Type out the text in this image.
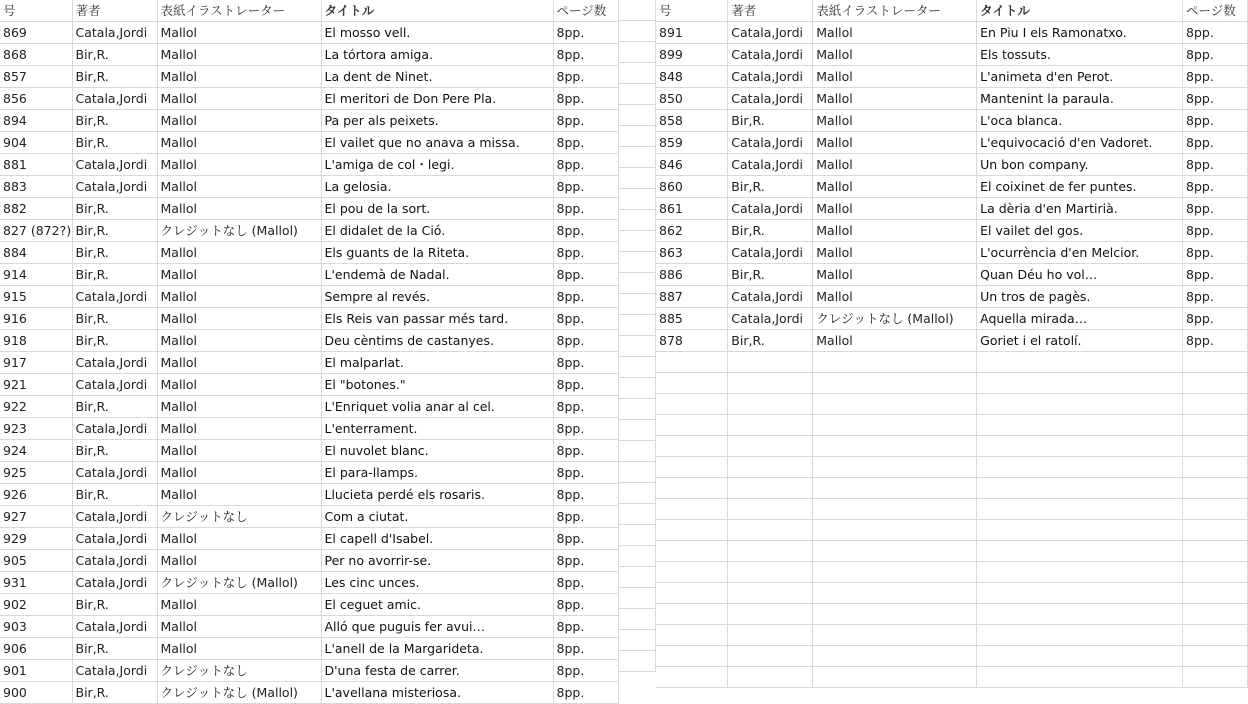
号	著者	表紙イラストレーター	タイトル	ページ数
869	Catala,Jordi	Mallol	El mosso vell.	8pp.
868	Bir,R.	Mallol	La tórtora amiga.	8pp.
857	Bir,R.	Mallol	La dent de Ninet.	8pp.
856	Catala,Jordi	Mallol	El meritori de Don Pere Pla.	8pp.
894	Bir,R.	Mallol	Pa per als peixets.	8pp.
904	Bir,R.	Mallol	El vailet que no anava a missa.	8pp.
881	Catala,Jordi	Mallol	L'amiga de col・legi.	8pp.
883	Catala,Jordi	Mallol	La gelosia.	8pp.
882	Bir,R.	Mallol	El pou de la sort.	8pp.
827 (872?)	Bir,R.	クレジットなし (Mallol)	El didalet de la Ció.	8pp.
884	Bir,R.	Mallol	Els guants de la Riteta.	8pp.
914	Bir,R.	Mallol	L'endemà de Nadal.	8pp.
915	Catala,Jordi	Mallol	Sempre al revés.	8pp.
916	Bir,R.	Mallol	Els Reis van passar més tard.	8pp.
918	Bir,R.	Mallol	Deu cèntims de castanyes.	8pp.
917	Catala,Jordi	Mallol	El malparlat.	8pp.
921	Catala,Jordi	Mallol	El "botones."	8pp.
922	Bir,R.	Mallol	L'Enriquet volia anar al cel.	8pp.
923	Catala,Jordi	Mallol	L'enterrament.	8pp.
924	Bir,R.	Mallol	El nuvolet blanc.	8pp.
925	Catala,Jordi	Mallol	El para-llamps.	8pp.
926	Bir,R.	Mallol	Llucieta perdé els rosaris.	8pp.
927	Catala,Jordi	クレジットなし	Com a ciutat.	8pp.
929	Catala,Jordi	Mallol	El capell d'Isabel.	8pp.
905	Catala,Jordi	Mallol	Per no avorrir-se.	8pp.
931	Catala,Jordi	クレジットなし (Mallol)	Les cinc unces.	8pp.
902	Bir,R.	Mallol	El ceguet amic.	8pp.
903	Catala,Jordi	Mallol	Alló que puguis fer avui…	8pp.
906	Bir,R.	Mallol	L'anell de la Margarideta.	8pp.
901	Catala,Jordi	クレジットなし	D'una festa de carrer.	8pp.
900	Bir,R.	クレジットなし (Mallol)	L'avellana misteriosa.	8pp.
号	著者	表紙イラストレーター	タイトル	ページ数
891	Catala,Jordi	Mallol	En Piu I els Ramonatxo.	8pp.
899	Catala,Jordi	Mallol	Els tossuts.	8pp.
848	Catala,Jordi	Mallol	L'animeta d'en Perot.	8pp.
850	Catala,Jordi	Mallol	Mantenint la paraula.	8pp.
858	Bir,R.	Mallol	L'oca blanca.	8pp.
859	Catala,Jordi	Mallol	L'equivocació d'en Vadoret.	8pp.
846	Catala,Jordi	Mallol	Un bon company.	8pp.
860	Bir,R.	Mallol	El coixinet de fer puntes.	8pp.
861	Catala,Jordi	Mallol	La dèria d'en Martirià.	8pp.
862	Bir,R.	Mallol	El vailet del gos.	8pp.
863	Catala,Jordi	Mallol	L'ocurrència d'en Melcior.	8pp.
886	Bir,R.	Mallol	Quan Déu ho vol…	8pp.
887	Catala,Jordi	Mallol	Un tros de pagès.	8pp.
885	Catala,Jordi	クレジットなし (Mallol)	Aquella mirada…	8pp.
878	Bir,R.	Mallol	Goriet i el ratolí.	8pp.
